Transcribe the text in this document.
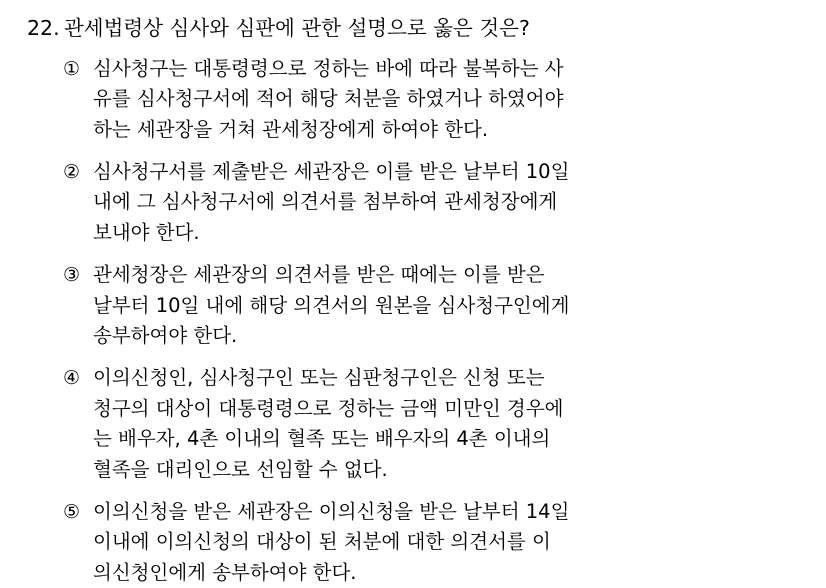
22. 관세법령상 심사와 심판에 관한 설명으로 옳은 것은?
① 심사청구는 대통령령으로 정하는 바에 따라 불복하는 사
유를 심사청구서에 적어 해당 처분을 하였거나 하였어야
하는 세관장을 거쳐 관세청장에게 하여야 한다.
② 심사청구서를 제출받은 세관장은 이를 받은 날부터 10일
내에 그 심사청구서에 의견서를 첨부하여 관세청장에게
보내야 한다.
③ 관세청장은 세관장의 의견서를 받은 때에는 이를 받은
날부터 10일 내에 해당 의견서의 원본을 심사청구인에게
송부하여야 한다.
④ 이의신청인, 심사청구인 또는 심판청구인은 신청 또는
청구의 대상이 대통령령으로 정하는 금액 미만인 경우에
는 배우자, 4촌 이내의 혈족 또는 배우자의 4촌 이내의
혈족을 대리인으로 선임할 수 없다.
⑤ 이의신청을 받은 세관장은 이의신청을 받은 날부터 14일
이내에 이의신청의 대상이 된 처분에 대한 의견서를 이
의신청인에게 송부하여야 한다.
